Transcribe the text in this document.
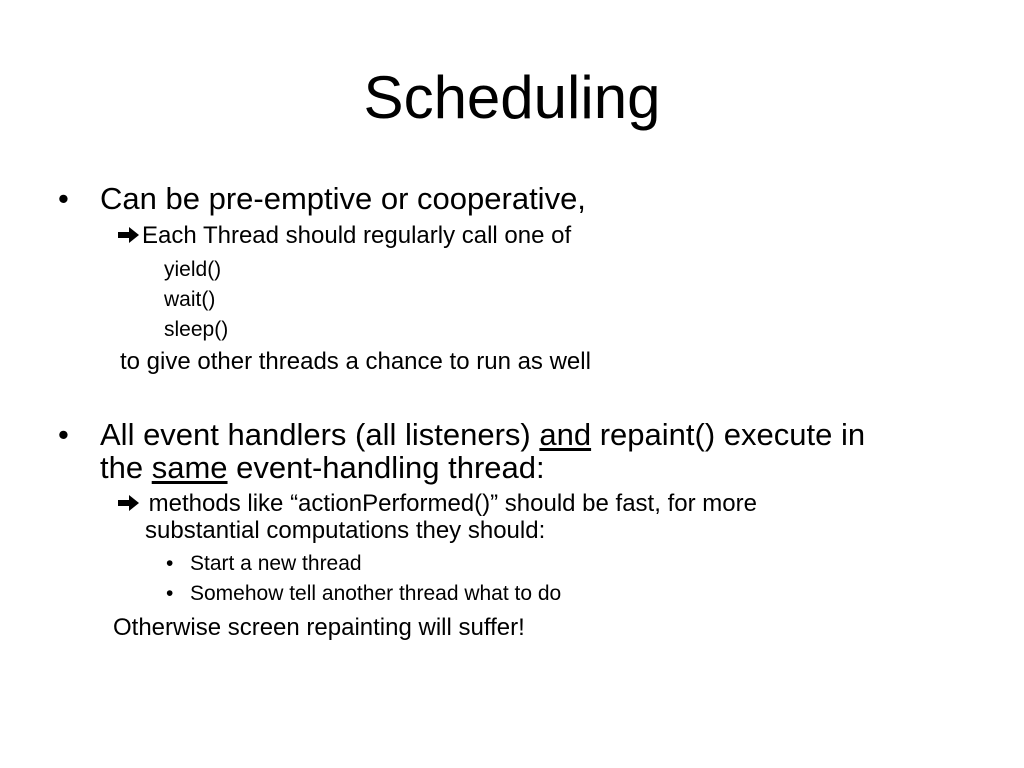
Scheduling
• Can be pre-emptive or cooperative,
Each Thread should regularly call one of
yield()
wait()
sleep()
to give other threads a chance to run as well
• All event handlers (all listeners) and repaint() execute in
the same event-handling thread:
methods like “actionPerformed()” should be fast, for more
substantial computations they should:
• Start a new thread
• Somehow tell another thread what to do
Otherwise screen repainting will suffer!
